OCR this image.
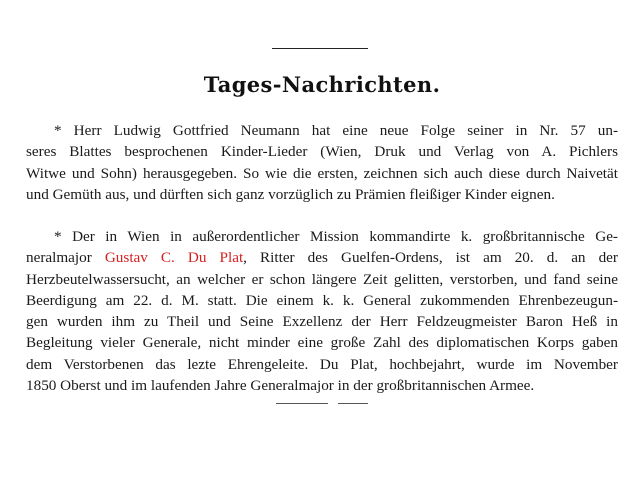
Tages-Nachrichten.
* Herr Ludwig Gottfried Neumann hat eine neue Folge seiner in Nr. 57 un-
seres Blattes besprochenen Kinder-Lieder (Wien, Druk und Verlag von A. Pichlers
Witwe und Sohn) herausgegeben. So wie die ersten, zeichnen sich auch diese durch Naivetät
und Gemüth aus, und dürften sich ganz vorzüglich zu Prämien fleißiger Kinder eignen.
* Der in Wien in außerordentlicher Mission kommandirte k. großbritannische Ge-
neralmajor Gustav C. Du Plat, Ritter des Guelfen-Ordens, ist am 20. d. an der
Herzbeutelwassersucht, an welcher er schon längere Zeit gelitten, verstorben, und fand seine
Beerdigung am 22. d. M. statt. Die einem k. k. General zukommenden Ehrenbezeugun-
gen wurden ihm zu Theil und Seine Exzellenz der Herr Feldzeugmeister Baron Heß in
Begleitung vieler Generale, nicht minder eine große Zahl des diplomatischen Korps gaben
dem Verstorbenen das lezte Ehrengeleite. Du Plat, hochbejahrt, wurde im November
1850 Oberst und im laufenden Jahre Generalmajor in der großbritannischen Armee.
